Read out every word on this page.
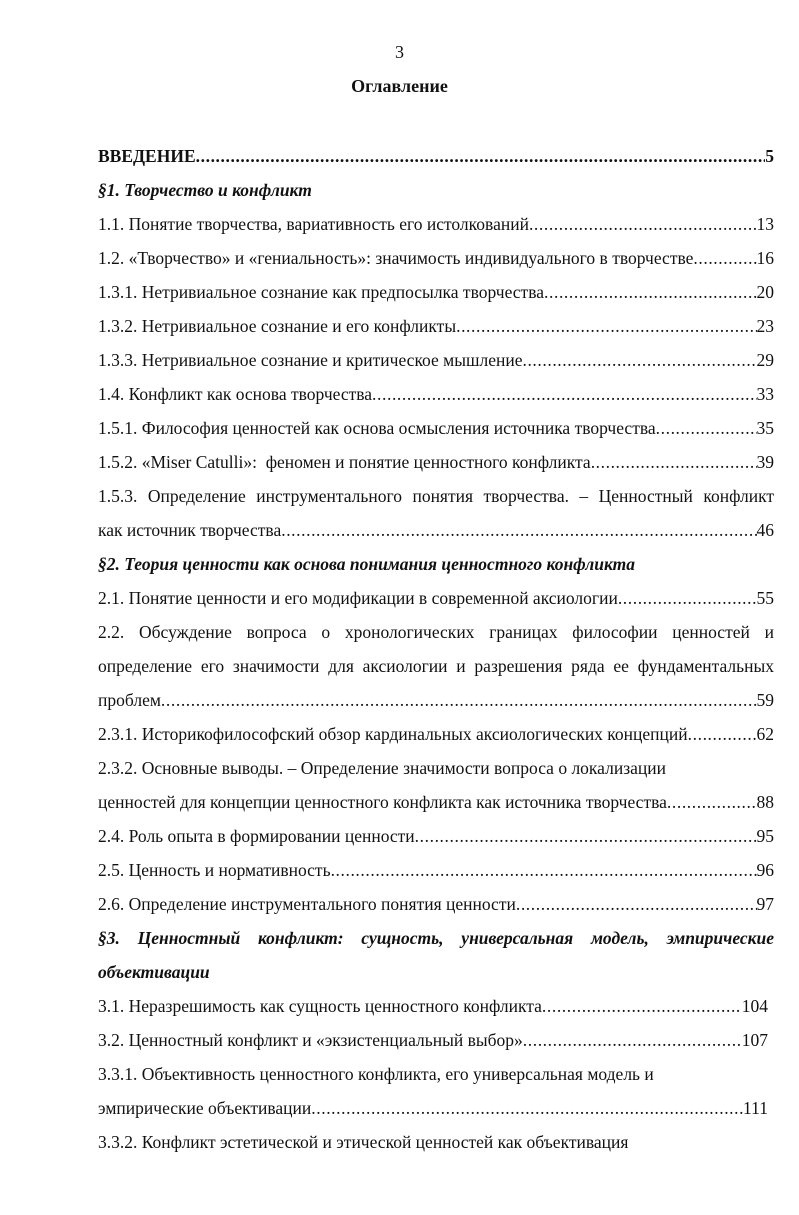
3
Оглавление
ВВЕДЕНИЕ .....	5
§1. Творчество и конфликт
1.1. Понятие творчества, вариативность его истолкований .....	13
1.2. «Творчество» и «гениальность»: значимость индивидуального в творчестве .....	16
1.3.1. Нетривиальное сознание как предпосылка творчества .....	20
1.3.2. Нетривиальное сознание и его конфликты .....	23
1.3.3. Нетривиальное сознание и критическое мышление .....	29
1.4. Конфликт как основа творчества .....	33
1.5.1. Философия ценностей как основа осмысления источника творчества .....	35
1.5.2. «Miser Catulli»:  феномен и понятие ценностного конфликта .....	39
1.5.3. Определение инструментального понятия творчества. – Ценностный конфликт
как источник творчества .....	46
§2. Теория ценности как основа понимания ценностного конфликта
2.1. Понятие ценности и его модификации в современной аксиологии .....	55
2.2. Обсуждение вопроса о хронологических границах философии ценностей и
определение его значимости для аксиологии и разрешения ряда ее фундаментальных
проблем .....	59
2.3.1. Историкофилософский обзор кардинальных аксиологических концепций .....	62
2.3.2. Основные выводы. – Определение значимости вопроса о локализации
ценностей для концепции ценностного конфликта как источника творчества .....	88
2.4. Роль опыта в формировании ценности .....	95
2.5. Ценность и нормативность .....	96
2.6. Определение инструментального понятия ценности .....	97
§3. Ценностный конфликт: сущность, универсальная модель, эмпирические
объективации
3.1. Неразрешимость как сущность ценностного конфликта .....	104
3.2. Ценностный конфликт и «экзистенциальный выбор» .....	107
3.3.1. Объективность ценностного конфликта, его универсальная модель и
эмпирические объективации .....	111
3.3.2. Конфликт эстетической и этической ценностей как объективация
